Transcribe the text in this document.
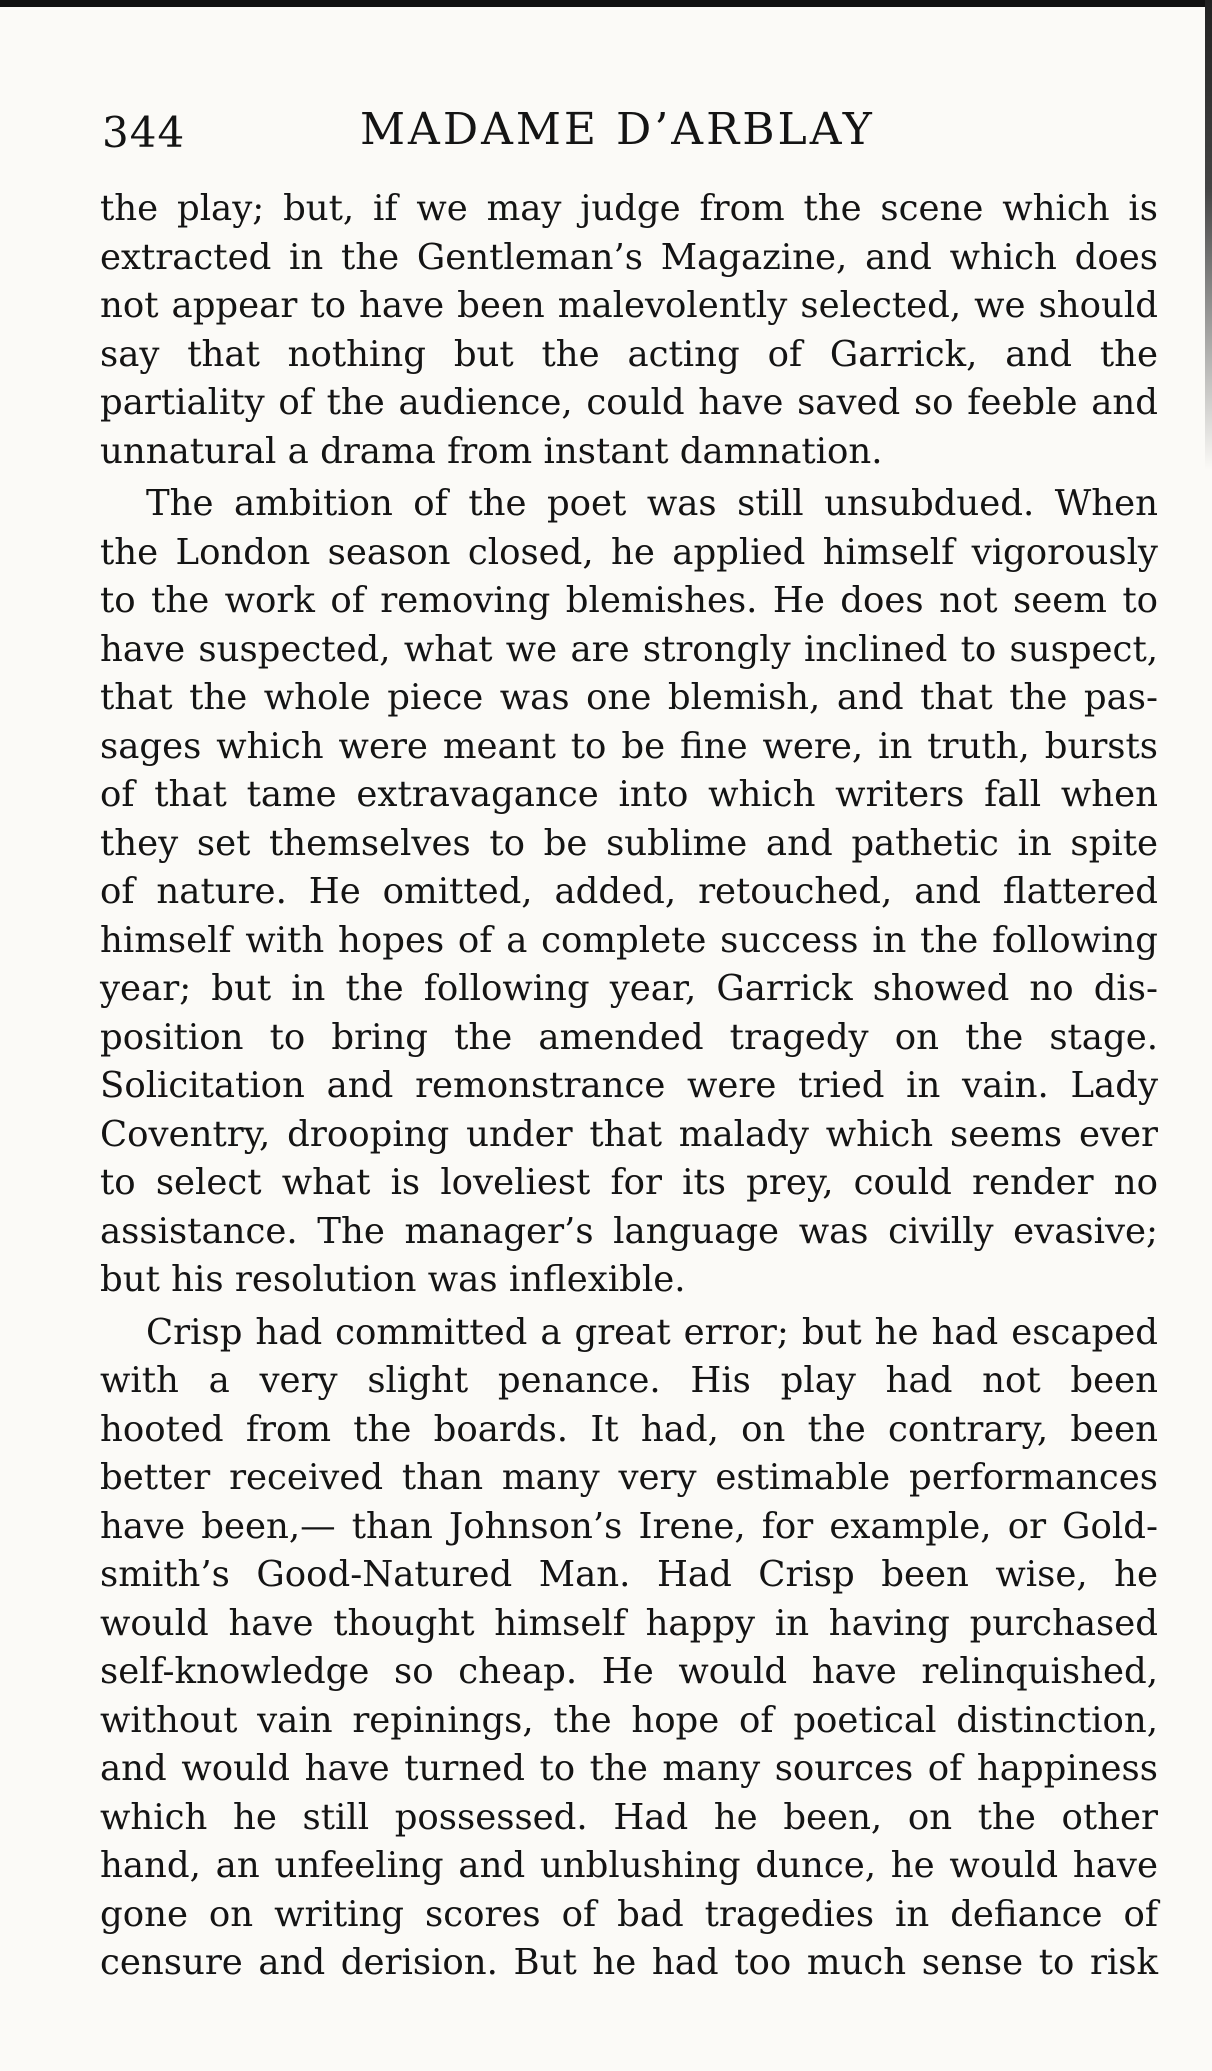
344	MADAME D’ARBLAY
the play; but, if we may judge from the scene which is
extracted in the Gentleman’s Magazine, and which does
not appear to have been malevolently selected, we should
say that nothing but the acting of Garrick, and the
partiality of the audience, could have saved so feeble and
unnatural a drama from instant damnation.
The ambition of the poet was still unsubdued. When
the London season closed, he applied himself vigorously
to the work of removing blemishes. He does not seem to
have suspected, what we are strongly inclined to suspect,
that the whole piece was one blemish, and that the pas-
sages which were meant to be fine were, in truth, bursts
of that tame extravagance into which writers fall when
they set themselves to be sublime and pathetic in spite
of nature. He omitted, added, retouched, and flattered
himself with hopes of a complete success in the following
year; but in the following year, Garrick showed no dis-
position to bring the amended tragedy on the stage.
Solicitation and remonstrance were tried in vain. Lady
Coventry, drooping under that malady which seems ever
to select what is loveliest for its prey, could render no
assistance. The manager’s language was civilly evasive;
but his resolution was inflexible.
Crisp had committed a great error; but he had escaped
with a very slight penance. His play had not been
hooted from the boards. It had, on the contrary, been
better received than many very estimable performances
have been,— than Johnson’s Irene, for example, or Gold-
smith’s Good-Natured Man. Had Crisp been wise, he
would have thought himself happy in having purchased
self-knowledge so cheap. He would have relinquished,
without vain repinings, the hope of poetical distinction,
and would have turned to the many sources of happiness
which he still possessed. Had he been, on the other
hand, an unfeeling and unblushing dunce, he would have
gone on writing scores of bad tragedies in defiance of
censure and derision. But he had too much sense to risk
